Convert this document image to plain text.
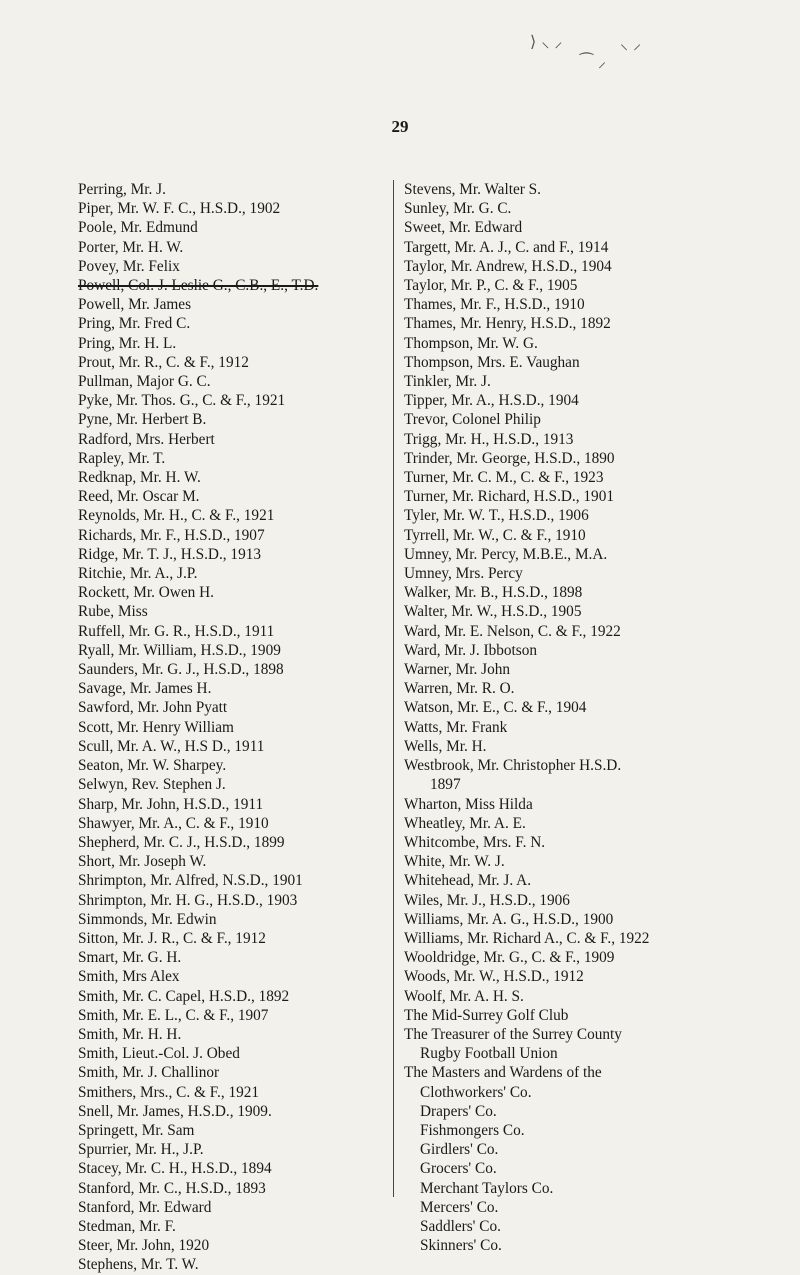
⟩ ⸜ ⸝
⁀ ⸝
⸜ ⸝
29
Perring, Mr. J.
Piper, Mr. W. F. C., H.S.D., 1902
Poole, Mr. Edmund
Porter, Mr. H. W.
Povey, Mr. Felix
Powell, Col. J. Leslie G., C.B., E., T.D.
Powell, Mr. James
Pring, Mr. Fred C.
Pring, Mr. H. L.
Prout, Mr. R., C. & F., 1912
Pullman, Major G. C.
Pyke, Mr. Thos. G., C. & F., 1921
Pyne, Mr. Herbert B.
Radford, Mrs. Herbert
Rapley, Mr. T.
Redknap, Mr. H. W.
Reed, Mr. Oscar M.
Reynolds, Mr. H., C. & F., 1921
Richards, Mr. F., H.S.D., 1907
Ridge, Mr. T. J., H.S.D., 1913
Ritchie, Mr. A., J.P.
Rockett, Mr. Owen H.
Rube, Miss
Ruffell, Mr. G. R., H.S.D., 1911
Ryall, Mr. William, H.S.D., 1909
Saunders, Mr. G. J., H.S.D., 1898
Savage, Mr. James H.
Sawford, Mr. John Pyatt
Scott, Mr. Henry William
Scull, Mr. A. W., H.S D., 1911
Seaton, Mr. W. Sharpey.
Selwyn, Rev. Stephen J.
Sharp, Mr. John, H.S.D., 1911
Shawyer, Mr. A., C. & F., 1910
Shepherd, Mr. C. J., H.S.D., 1899
Short, Mr. Joseph W.
Shrimpton, Mr. Alfred, N.S.D., 1901
Shrimpton, Mr. H. G., H.S.D., 1903
Simmonds, Mr. Edwin
Sitton, Mr. J. R., C. & F., 1912
Smart, Mr. G. H.
Smith, Mrs Alex
Smith, Mr. C. Capel, H.S.D., 1892
Smith, Mr. E. L., C. & F., 1907
Smith, Mr. H. H.
Smith, Lieut.-Col. J. Obed
Smith, Mr. J. Challinor
Smithers, Mrs., C. & F., 1921
Snell, Mr. James, H.S.D., 1909.
Springett, Mr. Sam
Spurrier, Mr. H., J.P.
Stacey, Mr. C. H., H.S.D., 1894
Stanford, Mr. C., H.S.D., 1893
Stanford, Mr. Edward
Stedman, Mr. F.
Steer, Mr. John, 1920
Stephens, Mr. T. W.
Stevens, Mr. Walter S.
Sunley, Mr. G. C.
Sweet, Mr. Edward
Targett, Mr. A. J., C. and F., 1914
Taylor, Mr. Andrew, H.S.D., 1904
Taylor, Mr. P., C. & F., 1905
Thames, Mr. F., H.S.D., 1910
Thames, Mr. Henry, H.S.D., 1892
Thompson, Mr. W. G.
Thompson, Mrs. E. Vaughan
Tinkler, Mr. J.
Tipper, Mr. A., H.S.D., 1904
Trevor, Colonel Philip
Trigg, Mr. H., H.S.D., 1913
Trinder, Mr. George, H.S.D., 1890
Turner, Mr. C. M., C. & F., 1923
Turner, Mr. Richard, H.S.D., 1901
Tyler, Mr. W. T., H.S.D., 1906
Tyrrell, Mr. W., C. & F., 1910
Umney, Mr. Percy, M.B.E., M.A.
Umney, Mrs. Percy
Walker, Mr. B., H.S.D., 1898
Walter, Mr. W., H.S.D., 1905
Ward, Mr. E. Nelson, C. & F., 1922
Ward, Mr. J. Ibbotson
Warner, Mr. John
Warren, Mr. R. O.
Watson, Mr. E., C. & F., 1904
Watts, Mr. Frank
Wells, Mr. H.
Westbrook, Mr. Christopher H.S.D.
1897
Wharton, Miss Hilda
Wheatley, Mr. A. E.
Whitcombe, Mrs. F. N.
White, Mr. W. J.
Whitehead, Mr. J. A.
Wiles, Mr. J., H.S.D., 1906
Williams, Mr. A. G., H.S.D., 1900
Williams, Mr. Richard A., C. & F., 1922
Wooldridge, Mr. G., C. & F., 1909
Woods, Mr. W., H.S.D., 1912
Woolf, Mr. A. H. S.
The Mid-Surrey Golf Club
The Treasurer of the Surrey County
Rugby Football Union
The Masters and Wardens of the
Clothworkers' Co.
Drapers' Co.
Fishmongers Co.
Girdlers' Co.
Grocers' Co.
Merchant Taylors Co.
Mercers' Co.
Saddlers' Co.
Skinners' Co.
